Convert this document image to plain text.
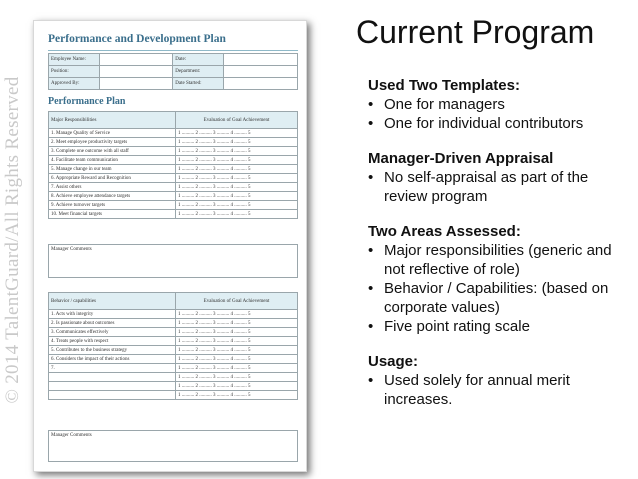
© 2014 TalentGuard/All Rights Reserved
Performance and Development Plan
Employee Name:		Date:	
Position:		Department:	
Approved By:		Date Started:	
Performance Plan
Major Responsibilities	Evaluation of Goal Achievement
1. Manage Quality of Service	1 .......... 2 .......... 3 .......... 4 .......... 5
2. Meet employee productivity targets	1 .......... 2 .......... 3 .......... 4 .......... 5
3. Complete one outcome with all staff	1 .......... 2 .......... 3 .......... 4 .......... 5
4. Facilitate team communication	1 .......... 2 .......... 3 .......... 4 .......... 5
5. Manage change in our team	1 .......... 2 .......... 3 .......... 4 .......... 5
6. Appropriate Reward and Recognition	1 .......... 2 .......... 3 .......... 4 .......... 5
7. Assist others	1 .......... 2 .......... 3 .......... 4 .......... 5
8. Achieve employee attendance targets	1 .......... 2 .......... 3 .......... 4 .......... 5
9. Achieve turnover targets	1 .......... 2 .......... 3 .......... 4 .......... 5
10. Meet financial targets	1 .......... 2 .......... 3 .......... 4 .......... 5
Manager Comments
Behavior / capabilities	Evaluation of Goal Achievement
1. Acts with integrity	1 .......... 2 .......... 3 .......... 4 .......... 5
2. Is passionate about outcomes	1 .......... 2 .......... 3 .......... 4 .......... 5
3. Communicates effectively	1 .......... 2 .......... 3 .......... 4 .......... 5
4. Treats people with respect	1 .......... 2 .......... 3 .......... 4 .......... 5
5. Contributes to the business strategy	1 .......... 2 .......... 3 .......... 4 .......... 5
6. Considers the impact of their actions	1 .......... 2 .......... 3 .......... 4 .......... 5
7.	1 .......... 2 .......... 3 .......... 4 .......... 5
	1 .......... 2 .......... 3 .......... 4 .......... 5
	1 .......... 2 .......... 3 .......... 4 .......... 5
	1 .......... 2 .......... 3 .......... 4 .......... 5
Manager Comments
Current Program

Used Two Templates:

• One for managers
• One for individual contributors

Manager-Driven Appraisal

• No self-appraisal as part of the review program

Two Areas Assessed:

• Major responsibilities (generic and not reflective of role)
• Behavior / Capabilities: (based on corporate values)
• Five point rating scale

Usage:

• Used solely for annual merit increases.
